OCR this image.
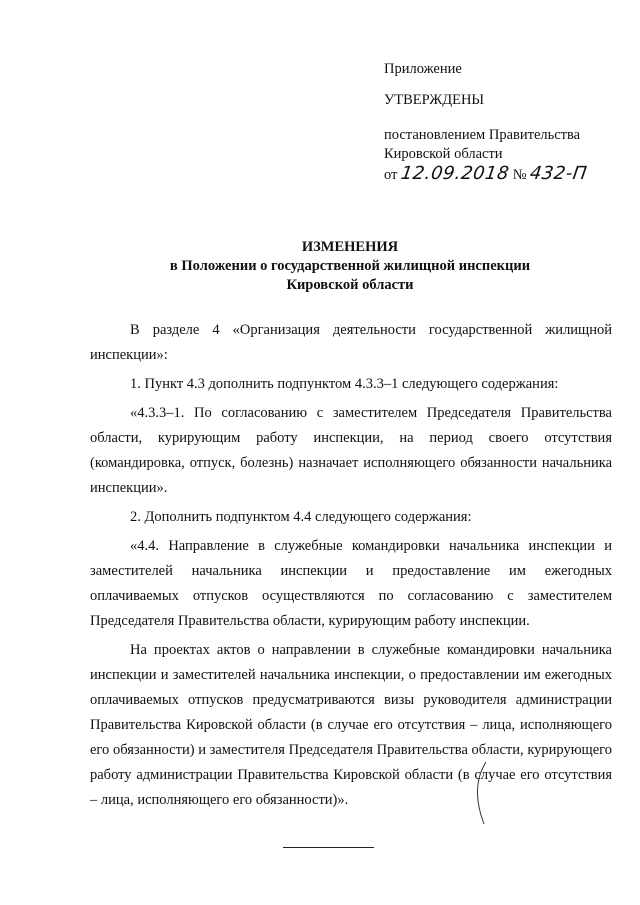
Приложение
УТВЕРЖДЕНЫ
постановлением Правительства
Кировской области
от 12.09.2018 № 432-П
ИЗМЕНЕНИЯ
в Положении о государственной жилищной инспекции
Кировской области

В разделе 4 «Организация деятельности государственной жилищной инспекции»:

1. Пункт 4.3 дополнить подпунктом 4.3.3–1 следующего содержания:

«4.3.3–1. По согласованию с заместителем Председателя Правительства области, курирующим работу инспекции, на период своего отсутствия (командировка, отпуск, болезнь) назначает исполняющего обязанности начальника инспекции».

2. Дополнить подпунктом 4.4 следующего содержания:

«4.4. Направление в служебные командировки начальника инспекции и заместителей начальника инспекции и предоставление им ежегодных оплачиваемых отпусков осуществляются по согласованию с заместителем Председателя Правительства области, курирующим работу инспекции.

На проектах актов о направлении в служебные командировки начальника инспекции и заместителей начальника инспекции, о предоставлении им ежегодных оплачиваемых отпусков предусматриваются визы руководителя администрации Правительства Кировской области (в случае его отсутствия – лица, исполняющего его обязанности) и заместителя Председателя Правительства области, курирующего работу администрации Правительства Кировской области (в случае его отсутствия – лица, исполняющего его обязанности)».
